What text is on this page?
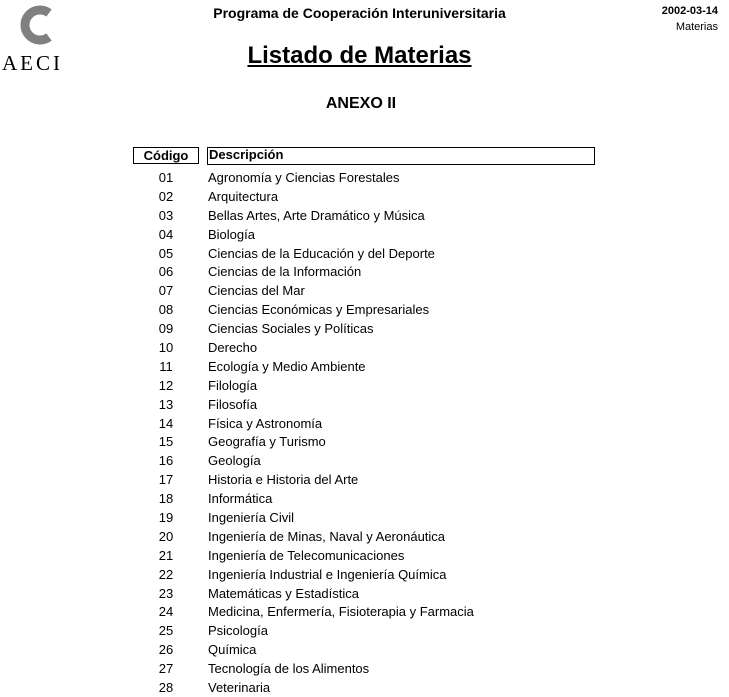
AECI
Programa de Cooperación Interuniversitaria	2002-03-14
Materias
Listado de Materias
ANEXO II
Código	Descripción
01	Agronomía y Ciencias Forestales
02	Arquitectura
03	Bellas Artes, Arte Dramático y Música
04	Biología
05	Ciencias de la Educación y del Deporte
06	Ciencias de la Información
07	Ciencias del Mar
08	Ciencias Económicas y Empresariales
09	Ciencias Sociales y Políticas
10	Derecho
11	Ecología y Medio Ambiente
12	Filología
13	Filosofía
14	Física y Astronomía
15	Geografía y Turismo
16	Geología
17	Historia e Historia del Arte
18	Informática
19	Ingeniería Civil
20	Ingeniería de Minas, Naval y Aeronáutica
21	Ingeniería de Telecomunicaciones
22	Ingeniería Industrial e Ingeniería Química
23	Matemáticas y Estadística
24	Medicina, Enfermería, Fisioterapia y Farmacia
25	Psicología
26	Química
27	Tecnología de los Alimentos
28	Veterinaria
